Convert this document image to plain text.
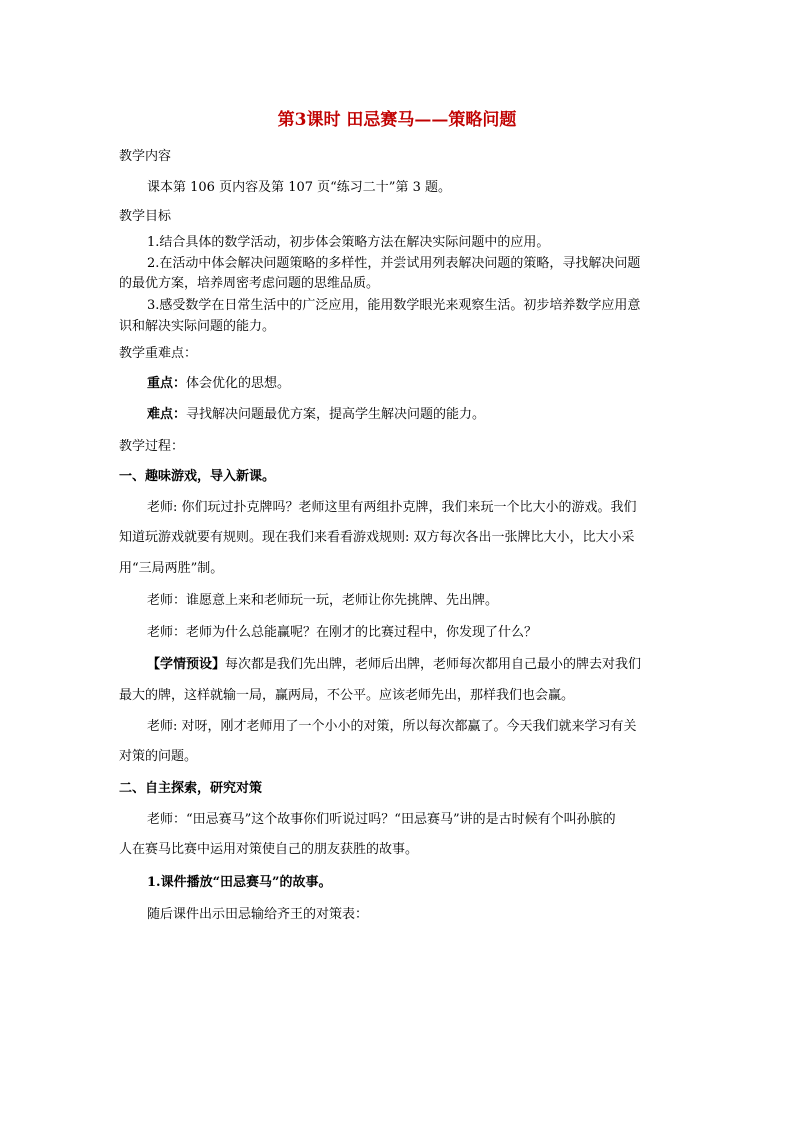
第3课时 田忌赛马——策略问题
教学内容
课本第 106 页内容及第 107 页“练习二十”第 3 题。
教学目标
1.结合具体的数学活动，初步体会策略方法在解决实际问题中的应用。
2.在活动中体会解决问题策略的多样性，并尝试用列表解决问题的策略，寻找解决问题
的最优方案，培养周密考虑问题的思维品质。
3.感受数学在日常生活中的广泛应用，能用数学眼光来观察生活。初步培养数学应用意
识和解决实际问题的能力。
教学重难点：
重点：体会优化的思想。
难点：寻找解决问题最优方案，提高学生解决问题的能力。
教学过程：
一、趣味游戏，导入新课。
老师: 你们玩过扑克牌吗？老师这里有两组扑克牌，我们来玩一个比大小的游戏。我们
知道玩游戏就要有规则。现在我们来看看游戏规则: 双方每次各出一张牌比大小，比大小采
用“三局两胜”制。
老师：谁愿意上来和老师玩一玩，老师让你先挑牌、先出牌。
老师：老师为什么总能赢呢？在刚才的比赛过程中，你发现了什么？
【学情预设】每次都是我们先出牌，老师后出牌，老师每次都用自己最小的牌去对我们
最大的牌，这样就输一局，赢两局，不公平。应该老师先出，那样我们也会赢。
老师: 对呀，刚才老师用了一个小小的对策，所以每次都赢了。今天我们就来学习有关
对策的问题。
二、自主探索，研究对策
老师：“田忌赛马”这个故事你们听说过吗？“田忌赛马”讲的是古时候有个叫孙膑的
人在赛马比赛中运用对策使自己的朋友获胜的故事。
1.课件播放“田忌赛马”的故事。
随后课件出示田忌输给齐王的对策表：
